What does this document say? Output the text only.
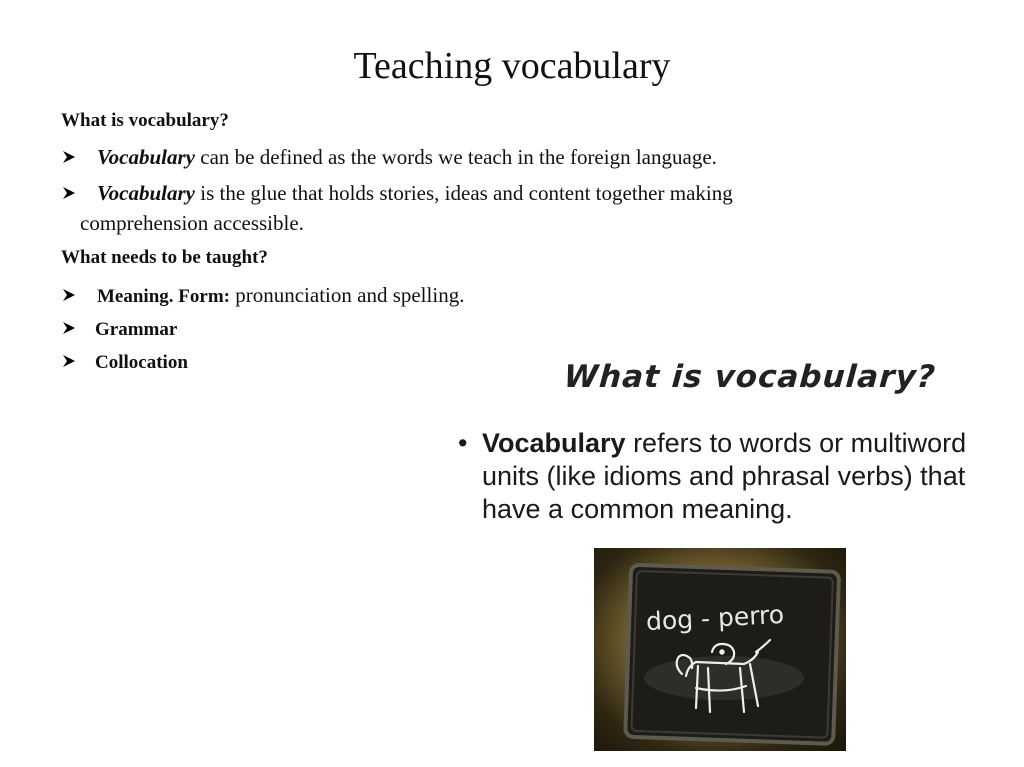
Teaching vocabulary
What is vocabulary?
Vocabulary can be defined as the words we teach in the foreign language.
Vocabulary is the glue that holds stories, ideas and content together making
comprehension accessible.
What needs to be taught?
Meaning. Form: pronunciation and spelling.
Grammar
Collocation	What is vocabulary?
• Vocabulary refers to words or multiword units (like idioms and phrasal verbs) that have a common meaning.
dog - perro
